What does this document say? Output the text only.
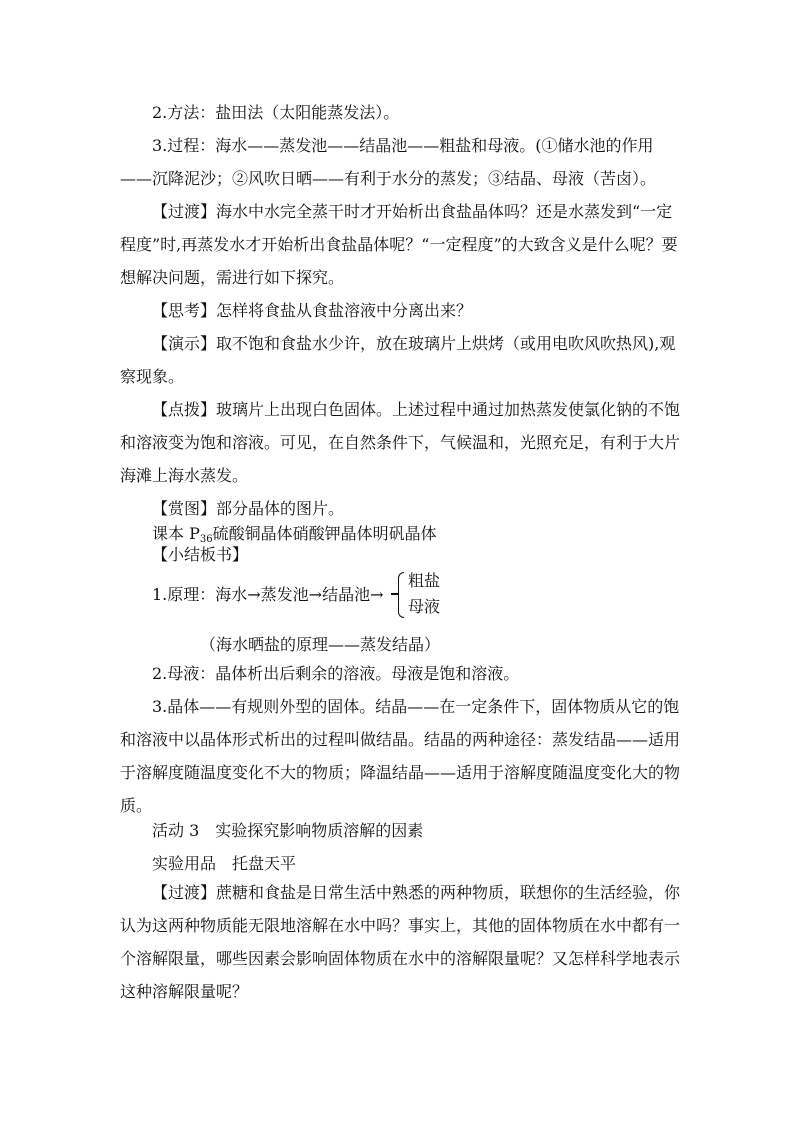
2.方法：盐田法（太阳能蒸发法）。
3.过程：海水——蒸发池——结晶池——粗盐和母液。(①储水池的作用——沉降泥沙；②风吹日晒——有利于水分的蒸发；③结晶、母液（苦卤）。
【过渡】海水中水完全蒸干时才开始析出食盐晶体吗？还是水蒸发到“一定程度”时,再蒸发水才开始析出食盐晶体呢？“一定程度”的大致含义是什么呢？要想解决问题，需进行如下探究。
【思考】怎样将食盐从食盐溶液中分离出来？
【演示】取不饱和食盐水少许，放在玻璃片上烘烤（或用电吹风吹热风),观察现象。
【点拨】玻璃片上出现白色固体。上述过程中通过加热蒸发使氯化钠的不饱和溶液变为饱和溶液。可见，在自然条件下，气候温和，光照充足，有利于大片海滩上海水蒸发。
【赏图】部分晶体的图片。
课本 $P_{36}$硫酸铜晶体硝酸钾晶体明矾晶体
【小结板书】
1.原理：海水→蒸发池→结晶池→
粗盐
母液
（海水晒盐的原理——蒸发结晶）
2.母液：晶体析出后剩余的溶液。母液是饱和溶液。
3.晶体——有规则外型的固体。结晶——在一定条件下，固体物质从它的饱和溶液中以晶体形式析出的过程叫做结晶。结晶的两种途径：蒸发结晶——适用于溶解度随温度变化不大的物质；降温结晶——适用于溶解度随温度变化大的物质。
活动 3　实验探究影响物质溶解的因素
实验用品　托盘天平
【过渡】蔗糖和食盐是日常生活中熟悉的两种物质，联想你的生活经验，你认为这两种物质能无限地溶解在水中吗？事实上，其他的固体物质在水中都有一个溶解限量，哪些因素会影响固体物质在水中的溶解限量呢？又怎样科学地表示这种溶解限量呢？
